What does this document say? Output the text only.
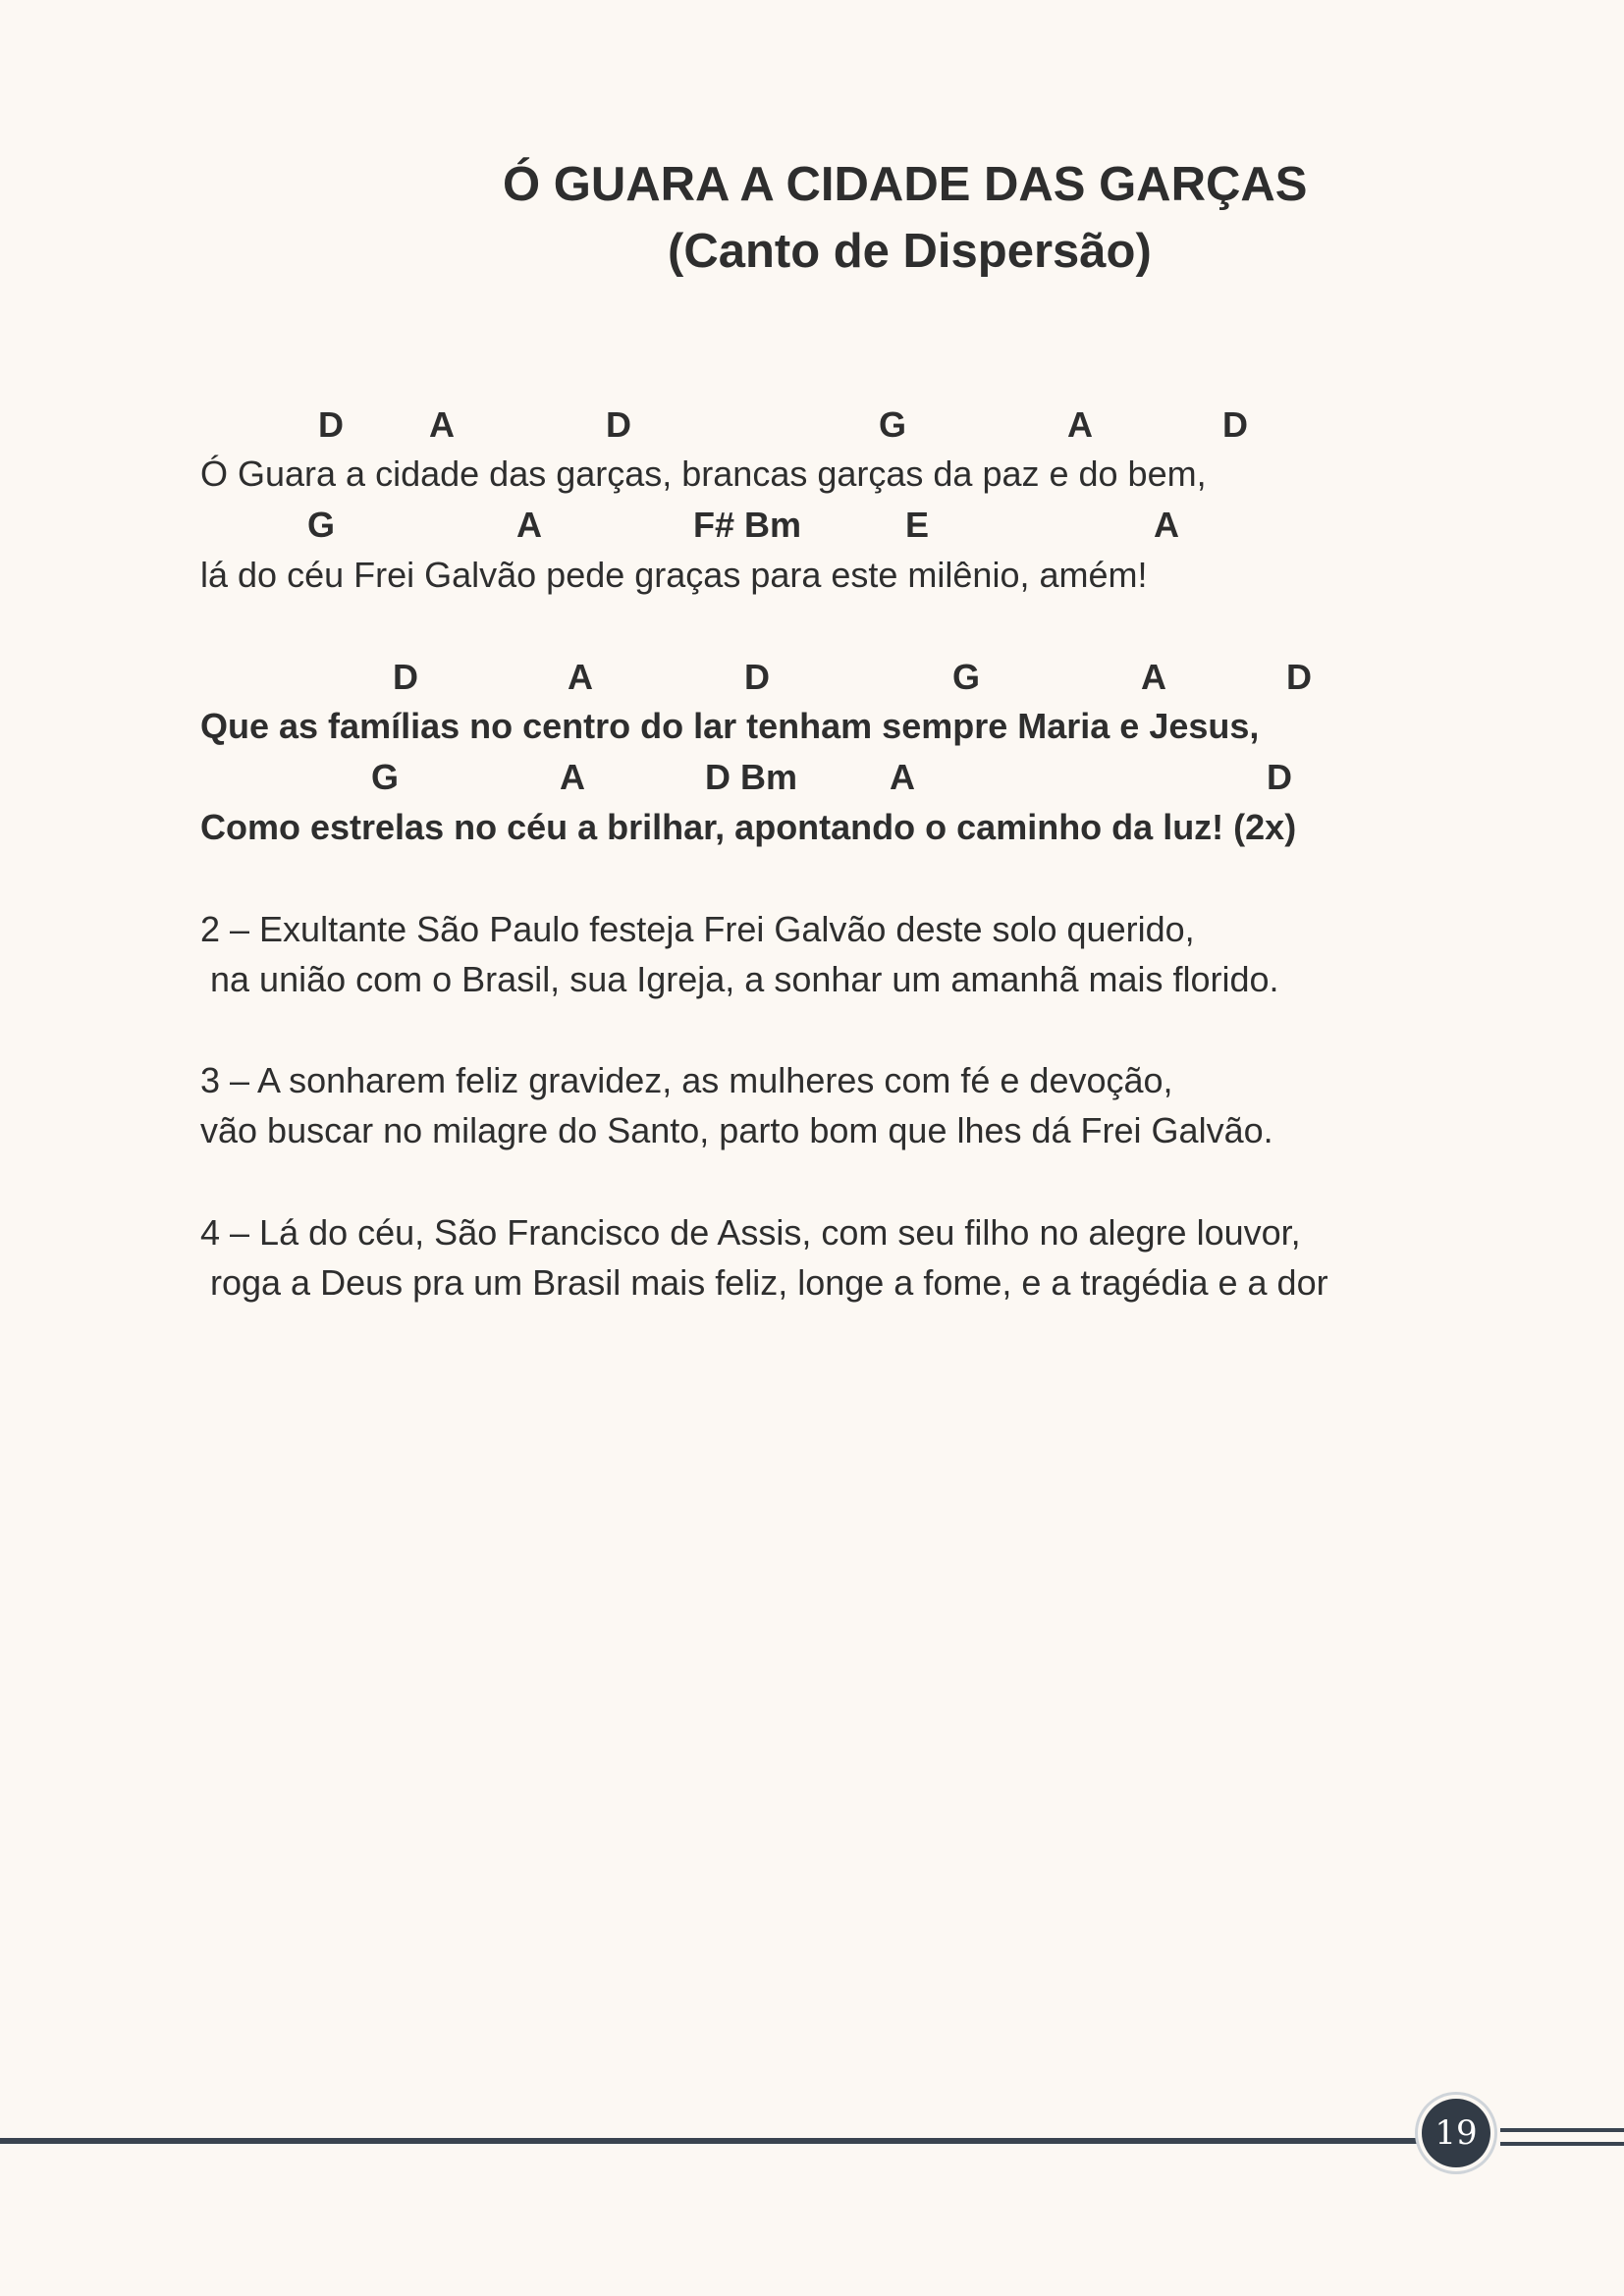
Ó GUARA A CIDADE DAS GARÇAS
(Canto de Dispersão)
D A	D	G	A	D
Ó Guara a cidade das garças, brancas garças da paz e do bem,
G	A	F# Bm	E	A
lá do céu Frei Galvão pede graças para este milênio, amém!
D	A	D	G	A	D
Que as famílias no centro do lar tenham sempre Maria e Jesus,
G	A	D Bm	A	D
Como estrelas no céu a brilhar, apontando o caminho da luz! (2x)
2 – Exultante São Paulo festeja Frei Galvão deste solo querido,
na união com o Brasil, sua Igreja, a sonhar um amanhã mais florido.
3 – A sonharem feliz gravidez, as mulheres com fé e devoção,
vão buscar no milagre do Santo, parto bom que lhes dá Frei Galvão.
4 – Lá do céu, São Francisco de Assis, com seu filho no alegre louvor,
roga a Deus pra um Brasil mais feliz, longe a fome, e a tragédia e a dor
19
